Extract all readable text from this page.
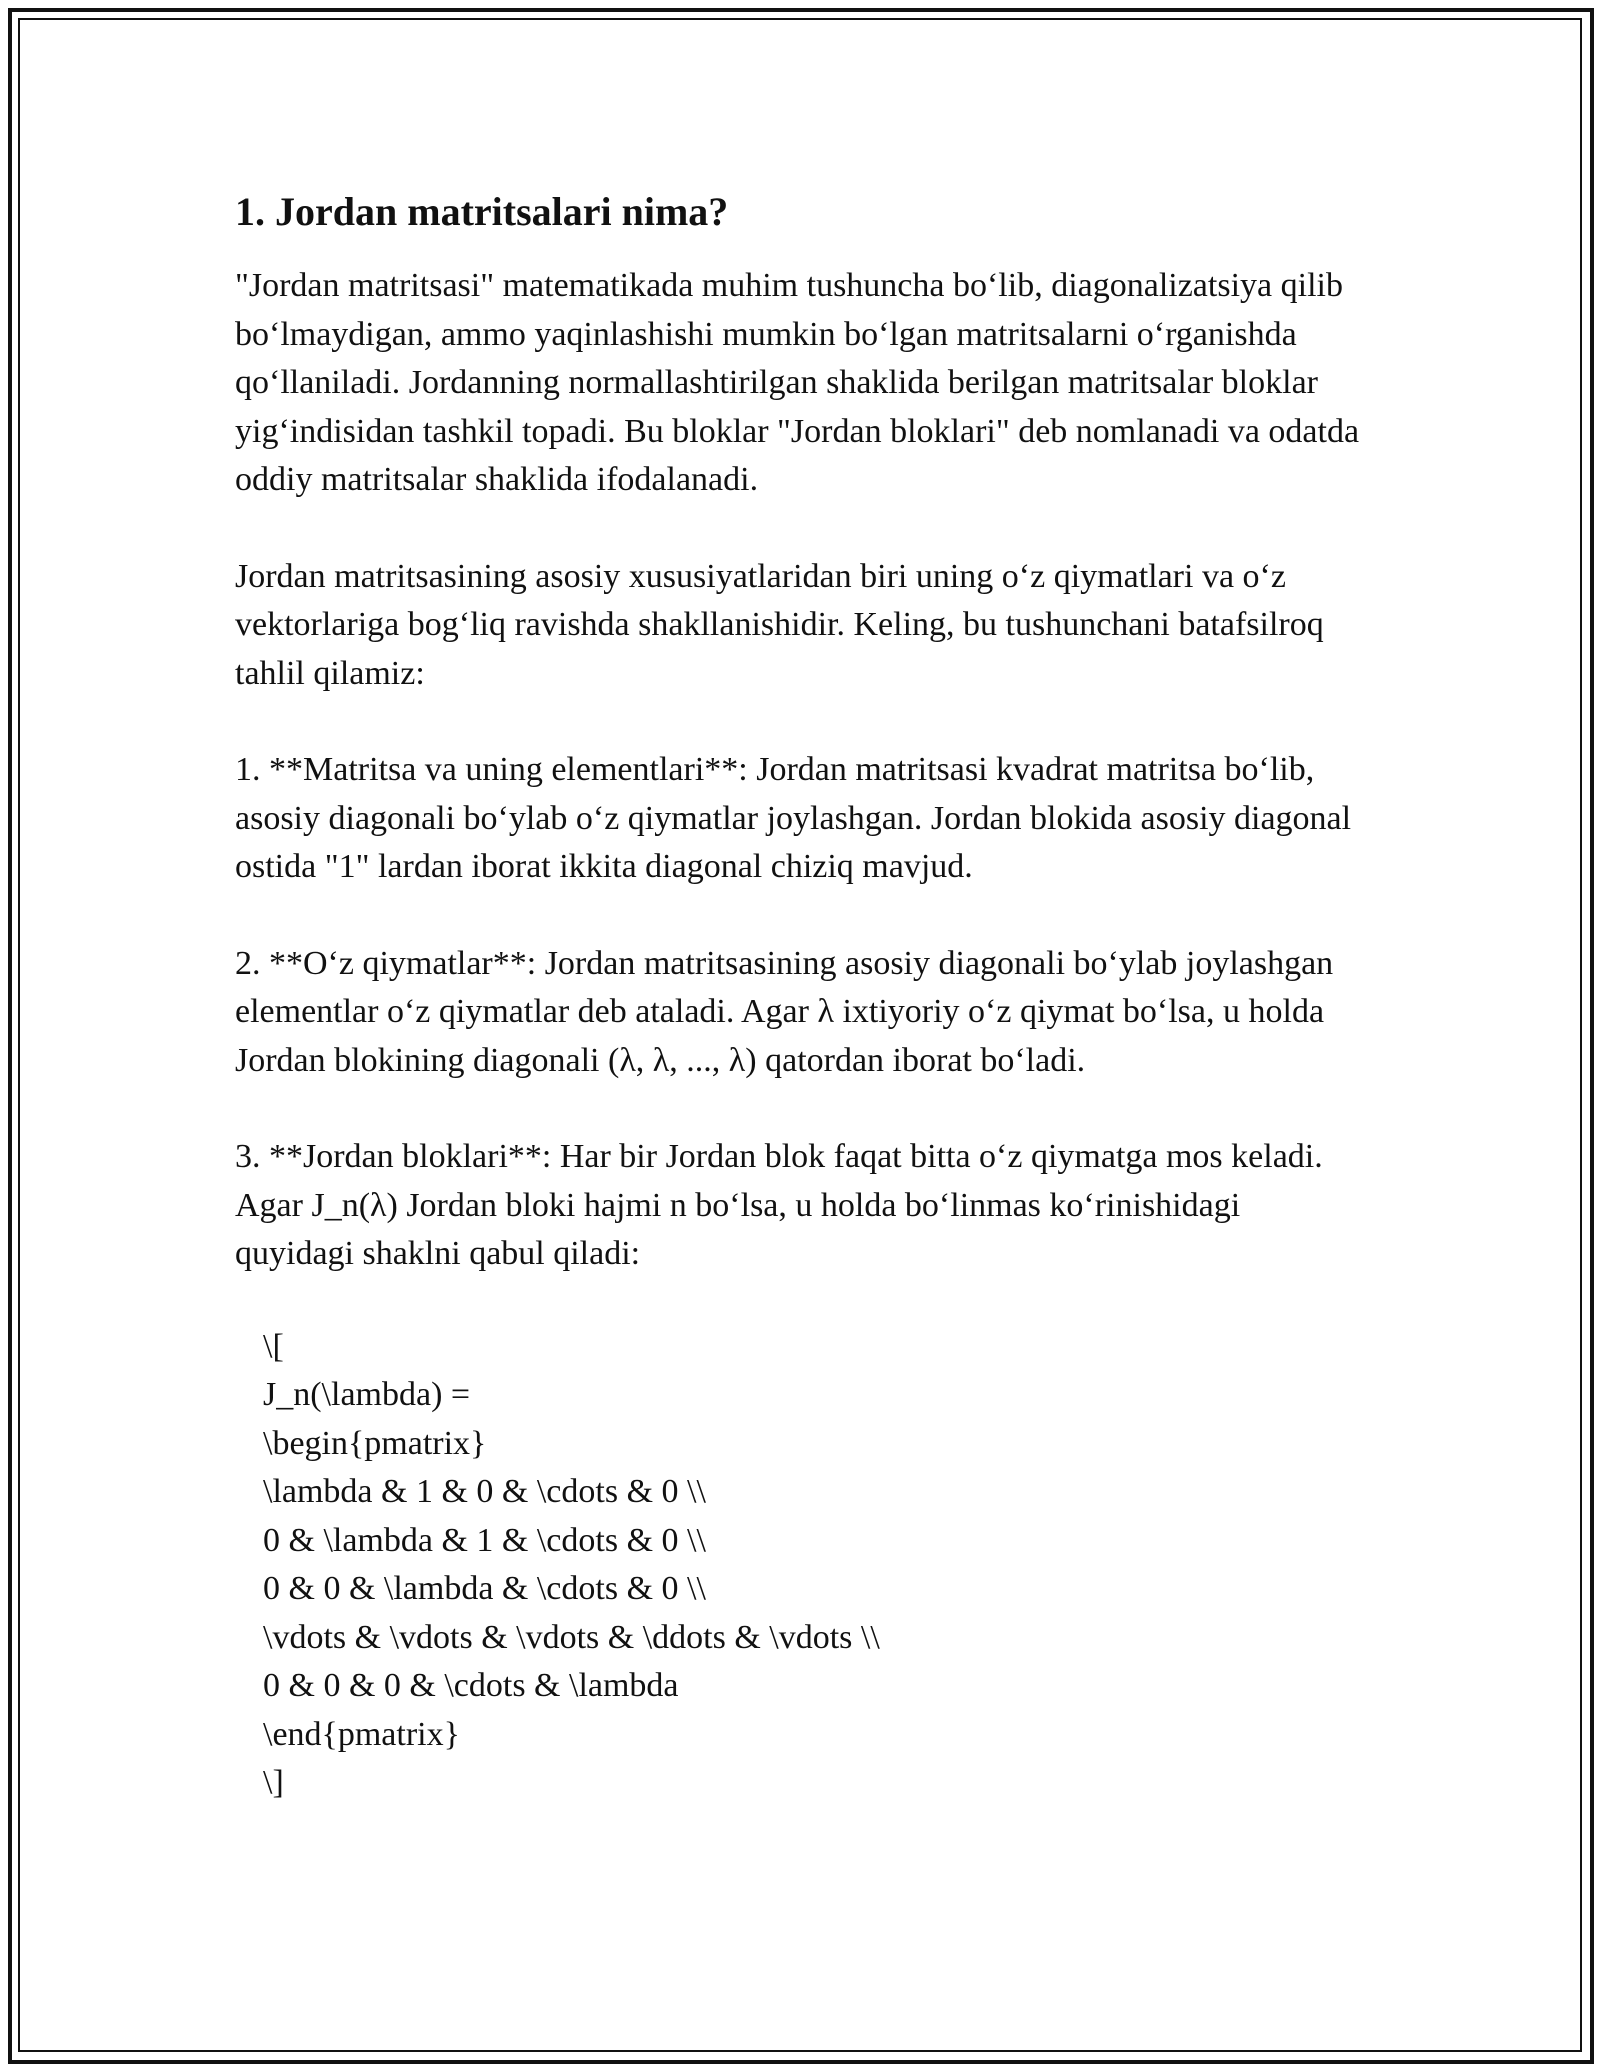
1. Jordan matritsalari nima?

"Jordan matritsasi" matematikada muhim tushuncha bo‘lib, diagonalizatsiya qilib bo‘lmaydigan, ammo yaqinlashishi mumkin bo‘lgan matritsalarni o‘rganishda qo‘llaniladi. Jordanning normallashtirilgan shaklida berilgan matritsalar bloklar yig‘indisidan tashkil topadi. Bu bloklar "Jordan bloklari" deb nomlanadi va odatda oddiy matritsalar shaklida ifodalanadi.

Jordan matritsasining asosiy xususiyatlaridan biri uning o‘z qiymatlari va o‘z vektorlariga bog‘liq ravishda shakllanishidir. Keling, bu tushunchani batafsilroq tahlil qilamiz:

1. **Matritsa va uning elementlari**: Jordan matritsasi kvadrat matritsa bo‘lib, asosiy diagonali bo‘ylab o‘z qiymatlar joylashgan. Jordan blokida asosiy diagonal ostida "1" lardan iborat ikkita diagonal chiziq mavjud.

2. **O‘z qiymatlar**: Jordan matritsasining asosiy diagonali bo‘ylab joylashgan elementlar o‘z qiymatlar deb ataladi. Agar λ ixtiyoriy o‘z qiymat bo‘lsa, u holda Jordan blokining diagonali (λ, λ, ..., λ) qatordan iborat bo‘ladi.

3. **Jordan bloklari**: Har bir Jordan blok faqat bitta o‘z qiymatga mos keladi. Agar J_n(λ) Jordan bloki hajmi n bo‘lsa, u holda bo‘linmas ko‘rinishidagi quyidagi shaklni qabul qiladi:

\[
J_n(\lambda) =
\begin{pmatrix}
\lambda & 1 & 0 & \cdots & 0 \\
0 & \lambda & 1 & \cdots & 0 \\
0 & 0 & \lambda & \cdots & 0 \\
\vdots & \vdots & \vdots & \ddots & \vdots \\
0 & 0 & 0 & \cdots & \lambda
\end{pmatrix}
\]
